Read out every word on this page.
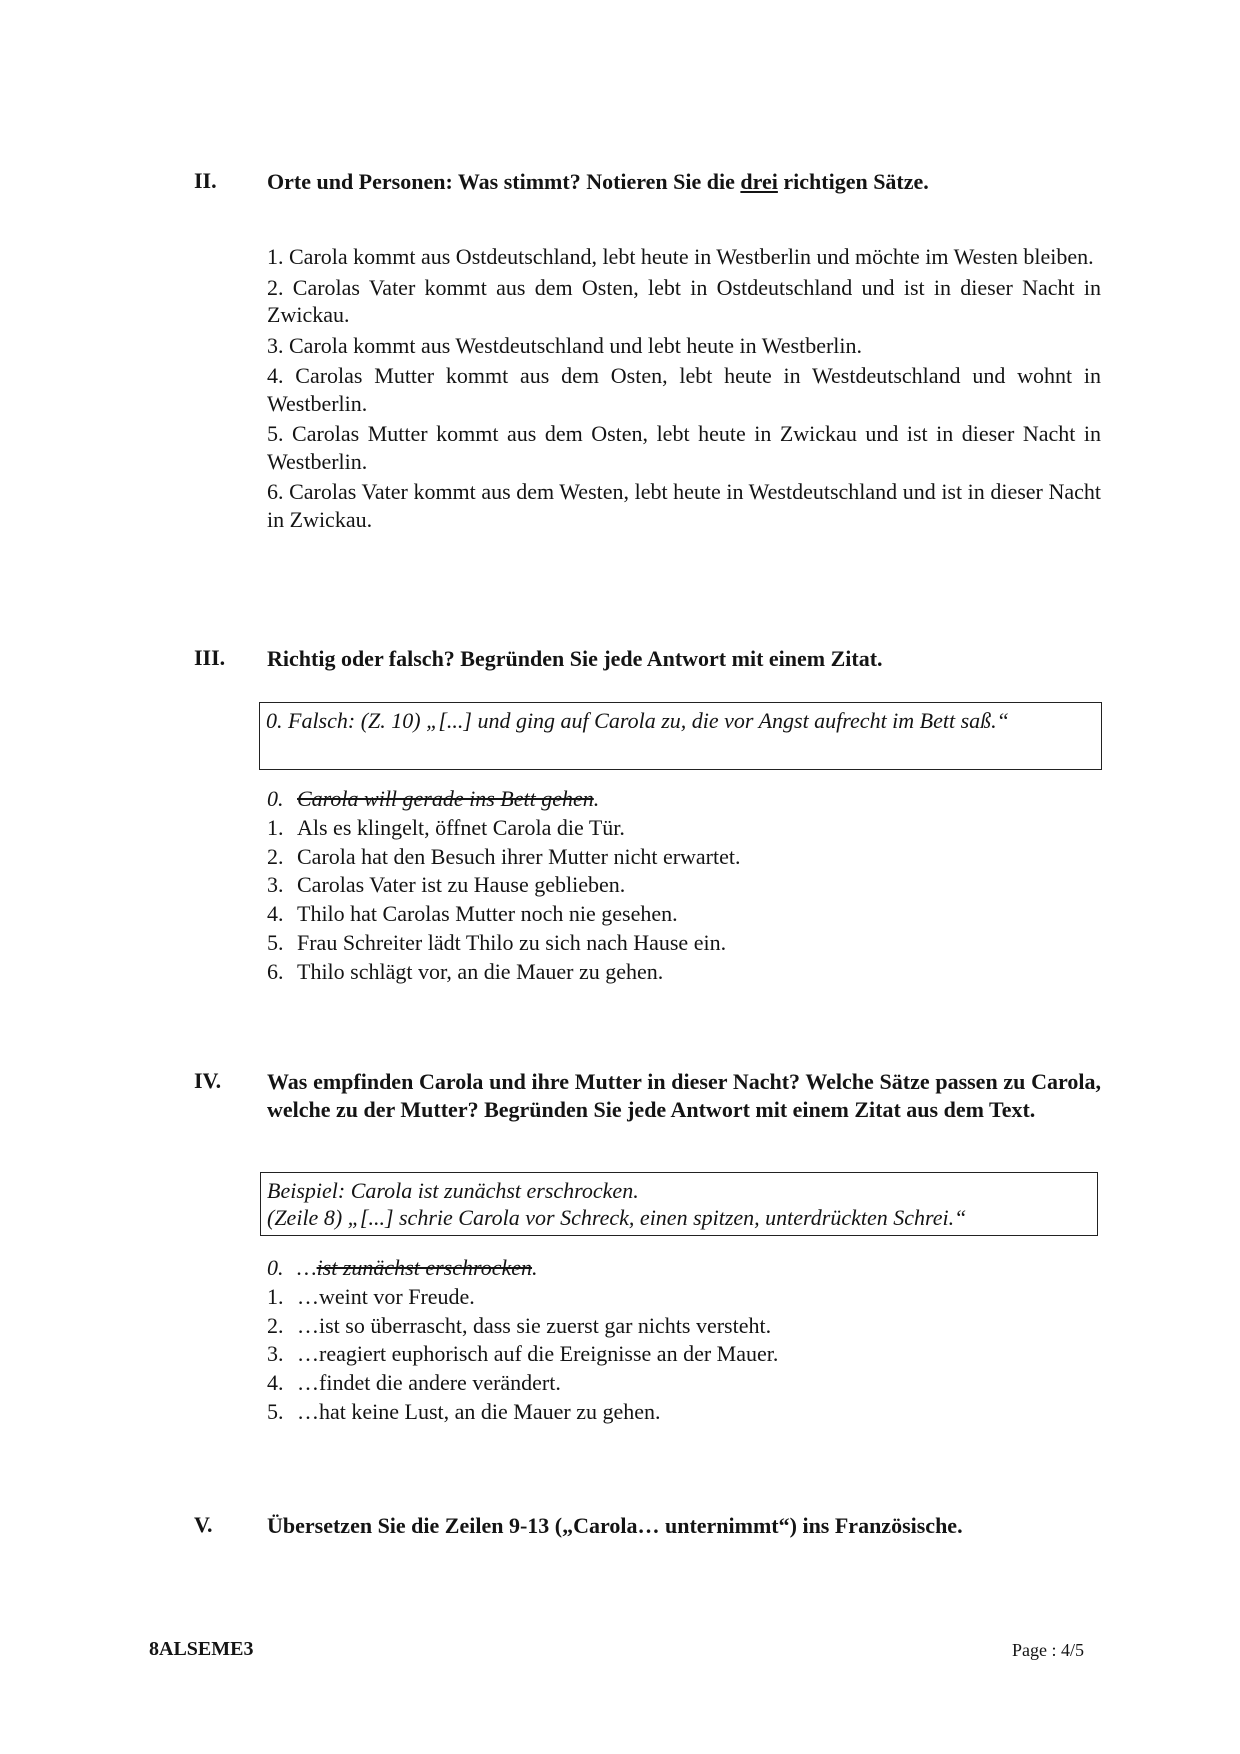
II. Orte und Personen: Was stimmt? Notieren Sie die drei richtigen Sätze.
1. Carola kommt aus Ostdeutschland, lebt heute in Westberlin und möchte im Westen bleiben.
2. Carolas Vater kommt aus dem Osten, lebt in Ostdeutschland und ist in dieser Nacht in Zwickau.
3. Carola kommt aus Westdeutschland und lebt heute in Westberlin.
4. Carolas Mutter kommt aus dem Osten, lebt heute in Westdeutschland und wohnt in Westberlin.
5. Carolas Mutter kommt aus dem Osten, lebt heute in Zwickau und ist in dieser Nacht in Westberlin.
6. Carolas Vater kommt aus dem Westen, lebt heute in Westdeutschland und ist in dieser Nacht in Zwickau.
III. Richtig oder falsch? Begründen Sie jede Antwort mit einem Zitat.
0. Falsch: (Z. 10) „[...] und ging auf Carola zu, die vor Angst aufrecht im Bett saß.“
0. Carola will gerade ins Bett gehen.
1. Als es klingelt, öffnet Carola die Tür.
2. Carola hat den Besuch ihrer Mutter nicht erwartet.
3. Carolas Vater ist zu Hause geblieben.
4. Thilo hat Carolas Mutter noch nie gesehen.
5. Frau Schreiter lädt Thilo zu sich nach Hause ein.
6. Thilo schlägt vor, an die Mauer zu gehen.
IV. Was empfinden Carola und ihre Mutter in dieser Nacht? Welche Sätze passen zu Carola, welche zu der Mutter? Begründen Sie jede Antwort mit einem Zitat aus dem Text.
Beispiel: Carola ist zunächst erschrocken.
(Zeile 8) „[...] schrie Carola vor Schreck, einen spitzen, unterdrückten Schrei.“
0. …ist zunächst erschrocken.
1. …weint vor Freude.
2. …ist so überrascht, dass sie zuerst gar nichts versteht.
3. …reagiert euphorisch auf die Ereignisse an der Mauer.
4. …findet die andere verändert.
5. …hat keine Lust, an die Mauer zu gehen.
V. Übersetzen Sie die Zeilen 9-13 („Carola… unternimmt“) ins Französische.
8ALSEME3	Page : 4/5
